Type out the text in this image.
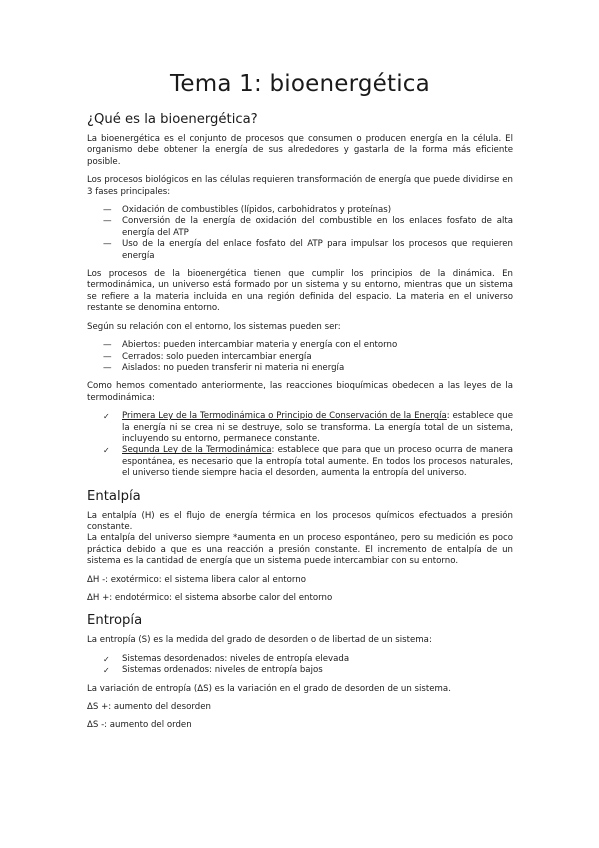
Tema 1: bioenergética
¿Qué es la bioenergética?

La bioenergética es el conjunto de procesos que consumen o producen energía en la célula. El organismo debe obtener la energía de sus alrededores y gastarla de la forma más eficiente posible.

Los procesos biológicos en las células requieren transformación de energía que puede dividirse en 3 fases principales:

—	Oxidación de combustibles (lípidos, carbohidratos y proteínas)
—	Conversión de la energía de oxidación del combustible en los enlaces fosfato de alta energía del ATP
—	Uso de la energía del enlace fosfato del ATP para impulsar los procesos que requieren energía

Los procesos de la bioenergética tienen que cumplir los principios de la dinámica. En termodinámica, un universo está formado por un sistema y su entorno, mientras que un sistema se refiere a la materia incluida en una región definida del espacio. La materia en el universo restante se denomina entorno.

Según su relación con el entorno, los sistemas pueden ser:

—	Abiertos: pueden intercambiar materia y energía con el entorno
—	Cerrados: solo pueden intercambiar energía
—	Aislados: no pueden transferir ni materia ni energía

Como hemos comentado anteriormente, las reacciones bioquímicas obedecen a las leyes de la termodinámica:

✓	Primera Ley de la Termodinámica o Principio de Conservación de la Energía: establece que la energía ni se crea ni se destruye, solo se transforma. La energía total de un sistema, incluyendo su entorno, permanece constante.
✓	Segunda Ley de la Termodinámica: establece que para que un proceso ocurra de manera espontánea, es necesario que la entropía total aumente. En todos los procesos naturales, el universo tiende siempre hacia el desorden, aumenta la entropía del universo.
Entalpía

La entalpía (H) es el flujo de energía térmica en los procesos químicos efectuados a presión constante.

La entalpía del universo siempre *aumenta en un proceso espontáneo, pero su medición es poco práctica debido a que es una reacción a presión constante. El incremento de entalpía de un sistema es la cantidad de energía que un sistema puede intercambiar con su entorno.

ΔH -: exotérmico: el sistema libera calor al entorno

ΔH +: endotérmico: el sistema absorbe calor del entorno

Entropía

La entropía (S) es la medida del grado de desorden o de libertad de un sistema:

✓	Sistemas desordenados: niveles de entropía elevada
✓	Sistemas ordenados: niveles de entropía bajos

La variación de entropía (ΔS) es la variación en el grado de desorden de un sistema.

ΔS +: aumento del desorden

ΔS -: aumento del orden
